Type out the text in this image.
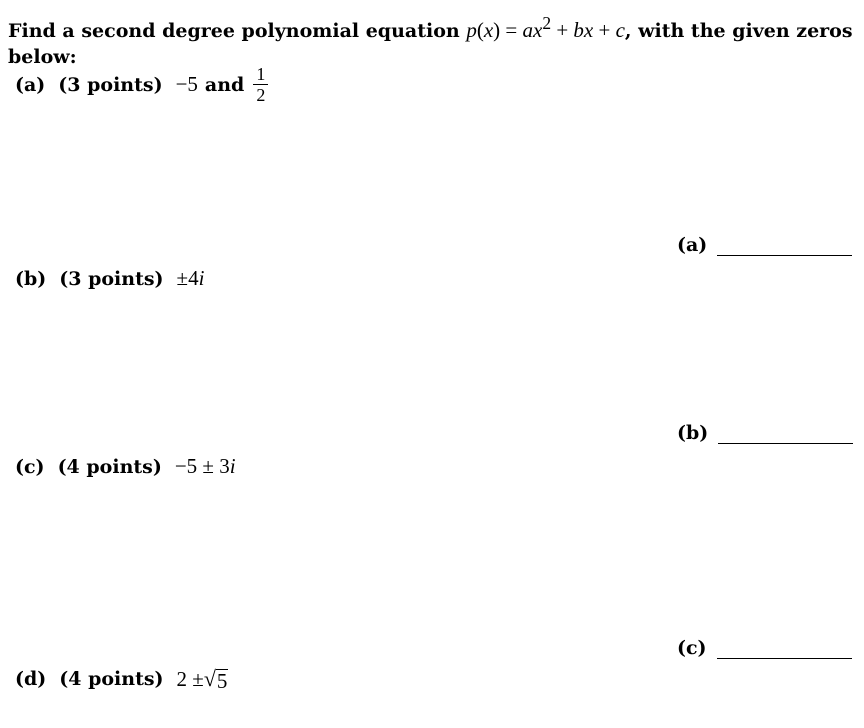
Find a second degree polynomial equation $p(x) = ax^2$ + bx + c, with the given zeros below:
(a) (3 points) −5 and $\frac{1}{2}$
(b) (3 points) ±4 i
(c) (4 points) −5 ± 3 i
(d) (4 points) 2 ± √ 5
(a)
(b)
(c)
